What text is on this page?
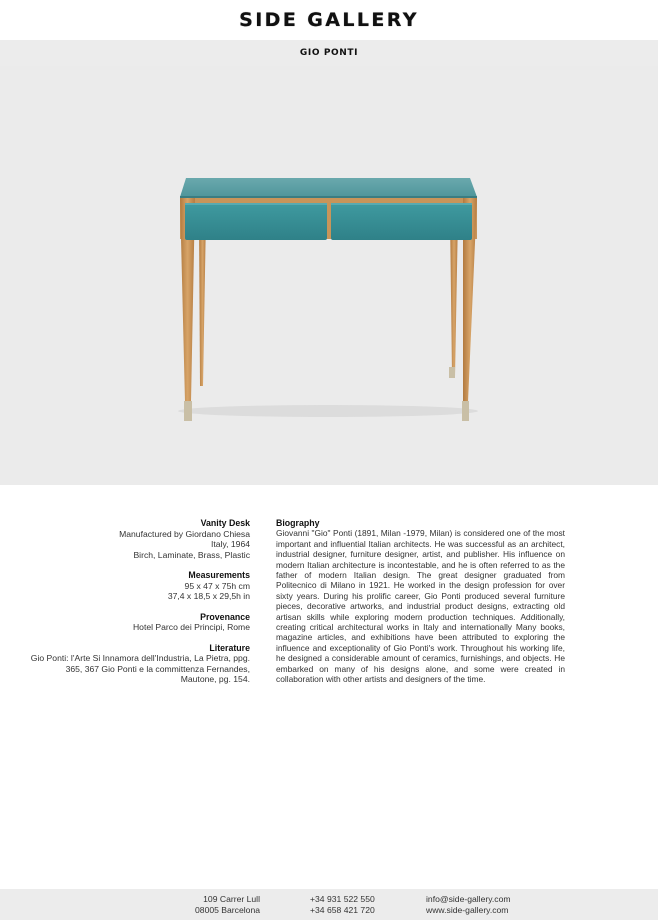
SIDE GALLERY
GIO PONTI
Vanity Desk
Manufactured by Giordano Chiesa
Italy, 1964
Birch, Laminate, Brass, Plastic
Measurements
95 x 47 x 75h cm
37,4 x 18,5 x 29,5h in
Provenance
Hotel Parco dei Principi, Rome
Literature
Gio Ponti: l'Arte Si Innamora dell'Industria, La Pietra, ppg. 365, 367 Gio Ponti e la committenza Fernandes, Mautone, pg. 154.
Biography
Giovanni "Gio" Ponti (1891, Milan -1979, Milan) is considered one of the most important and influential Italian architects. He was successful as an architect, industrial designer, furniture designer, artist, and publisher. His influence on modern Italian architecture is incontestable, and he is often referred to as the father of modern Italian design. The great designer graduated from Politecnico di Milano in 1921. He worked in the design profession for over sixty years. During his prolific career, Gio Ponti produced several furniture pieces, decorative artworks, and industrial product designs, extracting old artisan skills while exploring modern production techniques. Additionally, creating critical architectural works in Italy and internationally Many books, magazine articles, and exhibitions have been attributed to exploring the influence and exceptionality of Gio Ponti's work. Throughout his working life, he designed a considerable amount of ceramics, furnishings, and objects. He embarked on many of his designs alone, and some were created in collaboration with other artists and designers of the time.
109 Carrer Lull
08005 Barcelona
+34 931 522 550
+34 658 421 720
info@side-gallery.com
www.side-gallery.com
